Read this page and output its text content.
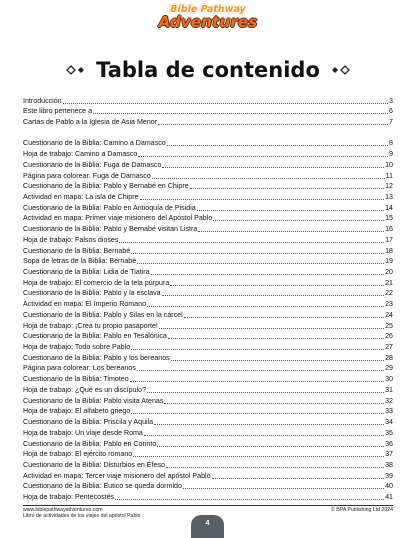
Bible Pathway
Adventures
Tabla de contenido
Introducción	3
Este libro pertenece a	6
Cartas de Pablo a la Iglesia de Asia Menor	7
Cuestionario de la Biblia: Camino a Damasco	8
Hoja de trabajo: Camino a Damasco	9
Cuestionario de la Biblia: Fuga de Damasco	10
Página para colorear: Fuga de Damasco	11
Cuestionario de la Biblia: Pablo y Bernabé en Chipre	12
Actividad en mapa: La isla de Chipre	13
Cuestionario de la Biblia: Pablo en Antioquía de Pisidia	14
Actividad en mapa: Primer viaje misionero del Apóstol Pablo	15
Cuestionario de la Biblia: Pablo y Bernabé visitan Listra	16
Hoja de trabajo: Falsos dioses	17
Cuestionario de la Biblia: Bernabé	18
Sopa de letras de la Biblia: Bernabé	19
Cuestionario de la Biblia: Lidia de Tiatira	20
Hoja de trabajo: El comercio de la tela púrpura	21
Cuestionario de la Biblia: Pablo y la esclava	22
Actividad en mapa: El Imperio Romano	23
Cuestionario de la Biblia: Pablo y Silas en la cárcel	24
Hoja de trabajo: ¡Crea tu propio pasaporte!	25
Cuestionario de la Biblia: Pablo en Tesalónica	26
Hoja de trabajo: Todo sobre Pablo	27
Cuestionario de la Biblia: Pablo y los bereanos	28
Página para colorear: Los bereanos	29
Cuestionario de la Biblia: Timoteo	30
Hoja de trabajo: ¿Qué es un discípulo?	31
Cuestionario de la Biblia: Pablo visita Atenas	32
Hoja de trabajo: El alfabeto griego	33
Cuestionario de la Biblia: Priscila y Aquila	34
Hoja de trabajo: Un viaje desde Roma	35
Cuestionario de la Biblia: Pablo en Corinto	36
Hoja de trabajo: El ejército romano	37
Cuestionario de la Biblia: Disturbios en Éfeso	38
Actividad en mapa: Tercer viaje misionero del apóstol Pablo	39
Cuestionario de la Biblia: Eutico se queda dormido	40
Hoja de trabajo: Pentecostés	41
www.biblepathwayadventures.com
Libro de actividades de los viajes del apóstol Pablo
© BPA Publishing Ltd 2024
4
